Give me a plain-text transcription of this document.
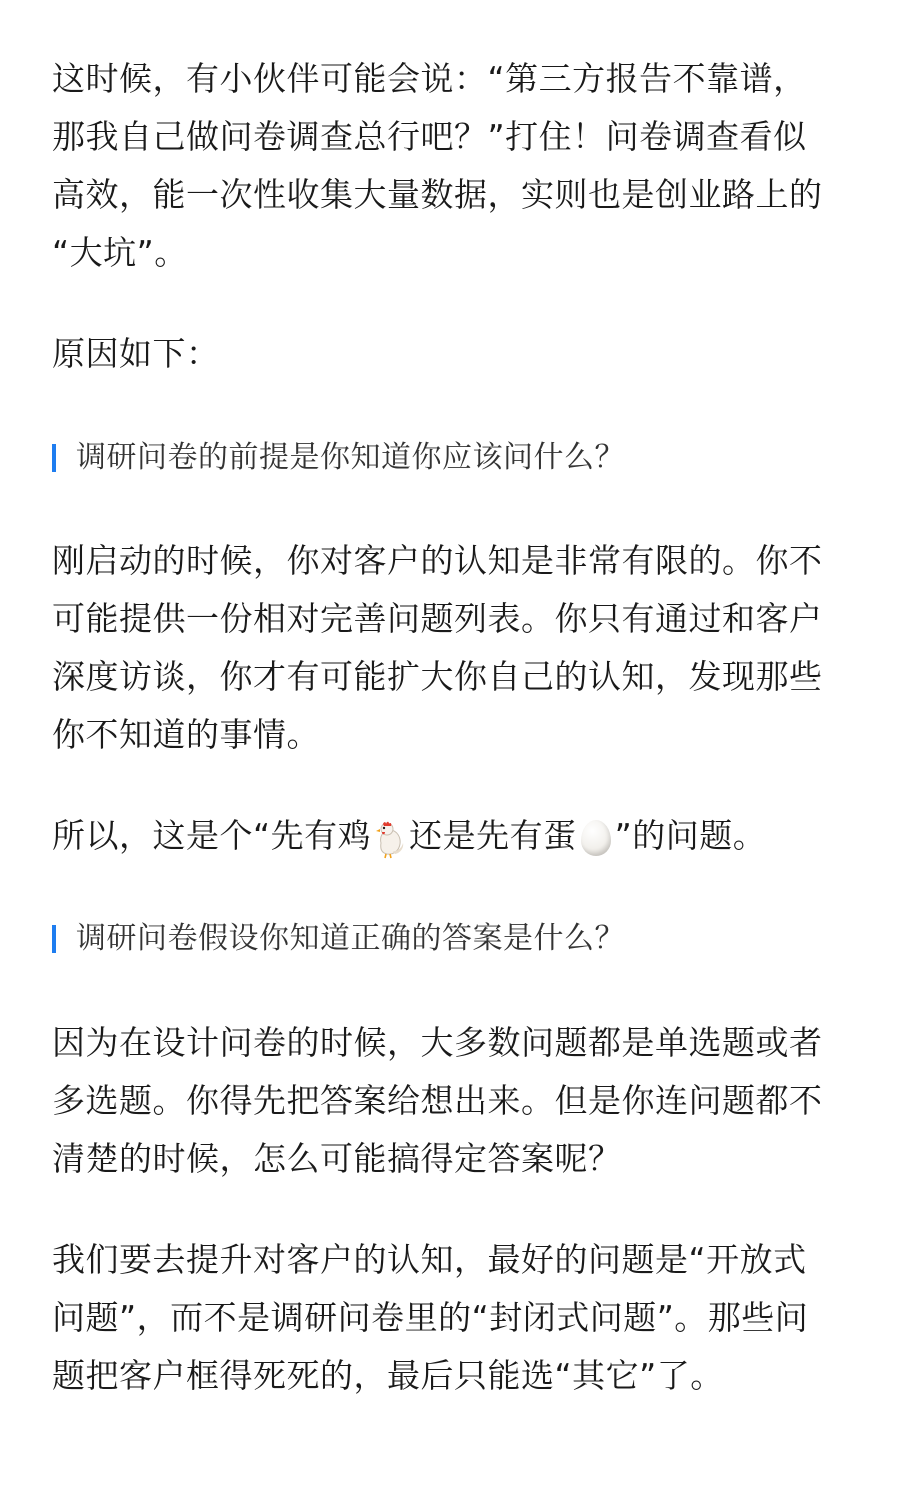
这时候，有小伙伴可能会说：“第三方报告不靠谱，
那我自己做问卷调查总行吧？”打住！问卷调查看似
高效，能一次性收集大量数据，实则也是创业路上的
“大坑”。
原因如下：
调研问卷的前提是你知道你应该问什么？
刚启动的时候，你对客户的认知是非常有限的。你不
可能提供一份相对完善问题列表。你只有通过和客户
深度访谈，你才有可能扩大你自己的认知，发现那些
你不知道的事情。
所以，这是个“先有鸡 还是先有蛋 ”的问题。
调研问卷假设你知道正确的答案是什么？
因为在设计问卷的时候，大多数问题都是单选题或者
多选题。你得先把答案给想出来。但是你连问题都不
清楚的时候，怎么可能搞得定答案呢？
我们要去提升对客户的认知，最好的问题是“开放式
问题”，而不是调研问卷里的“封闭式问题”。那些问
题把客户框得死死的，最后只能选“其它”了。
